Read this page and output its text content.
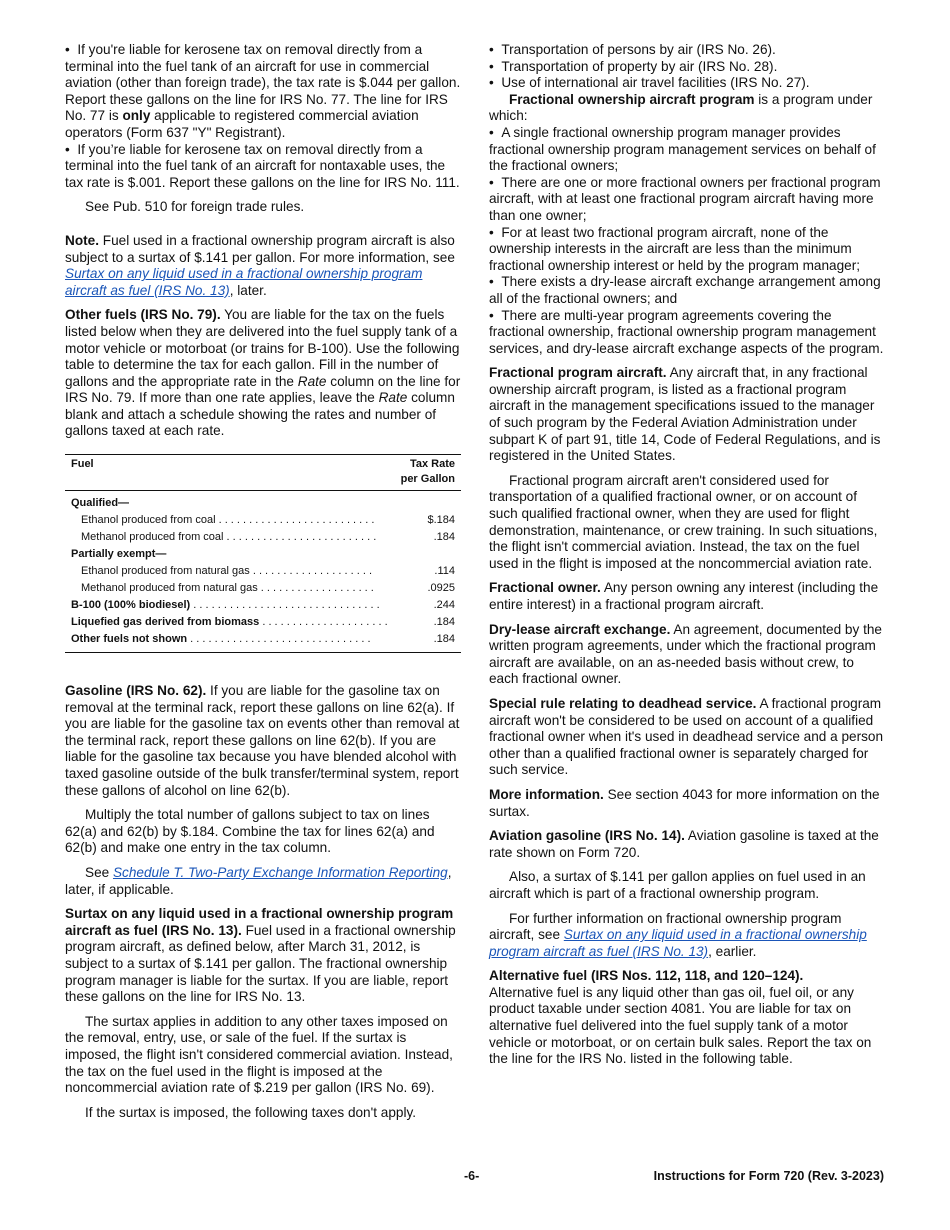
•  If you're liable for kerosene tax on removal directly from a terminal into the fuel tank of an aircraft for use in commercial aviation (other than foreign trade), the tax rate is $.044 per gallon. Report these gallons on the line for IRS No. 77. The line for IRS No. 77 is only applicable to registered commercial aviation operators (Form 637 "Y" Registrant).

•  If you’re liable for kerosene tax on removal directly from a terminal into the fuel tank of an aircraft for nontaxable uses, the tax rate is $.001. Report these gallons on the line for IRS No. 111.

See Pub. 510 for foreign trade rules.

Note. Fuel used in a fractional ownership program aircraft is also subject to a surtax of $.141 per gallon. For more information, see Surtax on any liquid used in a fractional ownership program aircraft as fuel (IRS No. 13), later.

Other fuels (IRS No. 79). You are liable for the tax on the fuels listed below when they are delivered into the fuel supply tank of a motor vehicle or motorboat (or trains for B-100). Use the following table to determine the tax for each gallon. Fill in the number of gallons and the appropriate rate in the Rate column on the line for IRS No. 79. If more than one rate applies, leave the Rate column blank and attach a schedule showing the rates and number of gallons taxed at each rate.

Fuel	Tax Rate
per Gallon
Qualified—	
Ethanol produced from coal . . . . . . . . . . . . . . . . . . . . . . . . . .	$.184
Methanol produced from coal . . . . . . . . . . . . . . . . . . . . . . . . .	.184
Partially exempt—	
Ethanol produced from natural gas . . . . . . . . . . . . . . . . . . . .	.114
Methanol produced from natural gas . . . . . . . . . . . . . . . . . . .	.0925
B-100 (100% biodiesel) . . . . . . . . . . . . . . . . . . . . . . . . . . . . . . .	.244
Liquefied gas derived from biomass . . . . . . . . . . . . . . . . . . . . .	.184
Other fuels not shown . . . . . . . . . . . . . . . . . . . . . . . . . . . . . .	.184

Gasoline (IRS No. 62). If you are liable for the gasoline tax on removal at the terminal rack, report these gallons on line 62(a). If you are liable for the gasoline tax on events other than removal at the terminal rack, report these gallons on line 62(b). If you are liable for the gasoline tax because you have blended alcohol with taxed gasoline outside of the bulk transfer/terminal system, report these gallons of alcohol on line 62(b).

Multiply the total number of gallons subject to tax on lines 62(a) and 62(b) by $.184. Combine the tax for lines 62(a) and 62(b) and make one entry in the tax column.

See Schedule T. Two-Party Exchange Information Reporting, later, if applicable.

Surtax on any liquid used in a fractional ownership program aircraft as fuel (IRS No. 13). Fuel used in a fractional ownership program aircraft, as defined below, after March 31, 2012, is subject to a surtax of $.141 per gallon. The fractional ownership program manager is liable for the surtax. If you are liable, report these gallons on the line for IRS No. 13.

The surtax applies in addition to any other taxes imposed on the removal, entry, use, or sale of the fuel. If the surtax is imposed, the flight isn't considered commercial aviation. Instead, the tax on the fuel used in the flight is imposed at the noncommercial aviation rate of $.219 per gallon (IRS No. 69).

If the surtax is imposed, the following taxes don't apply.

•  Transportation of persons by air (IRS No. 26).

•  Transportation of property by air (IRS No. 28).

•  Use of international air travel facilities (IRS No. 27).

Fractional ownership aircraft program is a program under which:

•  A single fractional ownership program manager provides fractional ownership program management services on behalf of the fractional owners;

•  There are one or more fractional owners per fractional program aircraft, with at least one fractional program aircraft having more than one owner;

•  For at least two fractional program aircraft, none of the ownership interests in the aircraft are less than the minimum fractional ownership interest or held by the program manager;

•  There exists a dry-lease aircraft exchange arrangement among all of the fractional owners; and

•  There are multi-year program agreements covering the fractional ownership, fractional ownership program management services, and dry-lease aircraft exchange aspects of the program.

Fractional program aircraft. Any aircraft that, in any fractional ownership aircraft program, is listed as a fractional program aircraft in the management specifications issued to the manager of such program by the Federal Aviation Administration under subpart K of part 91, title 14, Code of Federal Regulations, and is registered in the United States.

Fractional program aircraft aren't considered used for transportation of a qualified fractional owner, or on account of such qualified fractional owner, when they are used for flight demonstration, maintenance, or crew training. In such situations, the flight isn't commercial aviation. Instead, the tax on the fuel used in the flight is imposed at the noncommercial aviation rate.

Fractional owner. Any person owning any interest (including the entire interest) in a fractional program aircraft.

Dry-lease aircraft exchange. An agreement, documented by the written program agreements, under which the fractional program aircraft are available, on an as-needed basis without crew, to each fractional owner.

Special rule relating to deadhead service. A fractional program aircraft won't be considered to be used on account of a qualified fractional owner when it's used in deadhead service and a person other than a qualified fractional owner is separately charged for such service.

More information. See section 4043 for more information on the surtax.

Aviation gasoline (IRS No. 14). Aviation gasoline is taxed at the rate shown on Form 720.

Also, a surtax of $.141 per gallon applies on fuel used in an aircraft which is part of a fractional ownership program.

For further information on fractional ownership program aircraft, see Surtax on any liquid used in a fractional ownership program aircraft as fuel (IRS No. 13), earlier.

Alternative fuel (IRS Nos. 112, 118, and 120–124).
Alternative fuel is any liquid other than gas oil, fuel oil, or any product taxable under section 4081. You are liable for tax on alternative fuel delivered into the fuel supply tank of a motor vehicle or motorboat, or on certain bulk sales. Report the tax on the line for the IRS No. listed in the following table.

-6-	Instructions for Form 720 (Rev. 3-2023)
